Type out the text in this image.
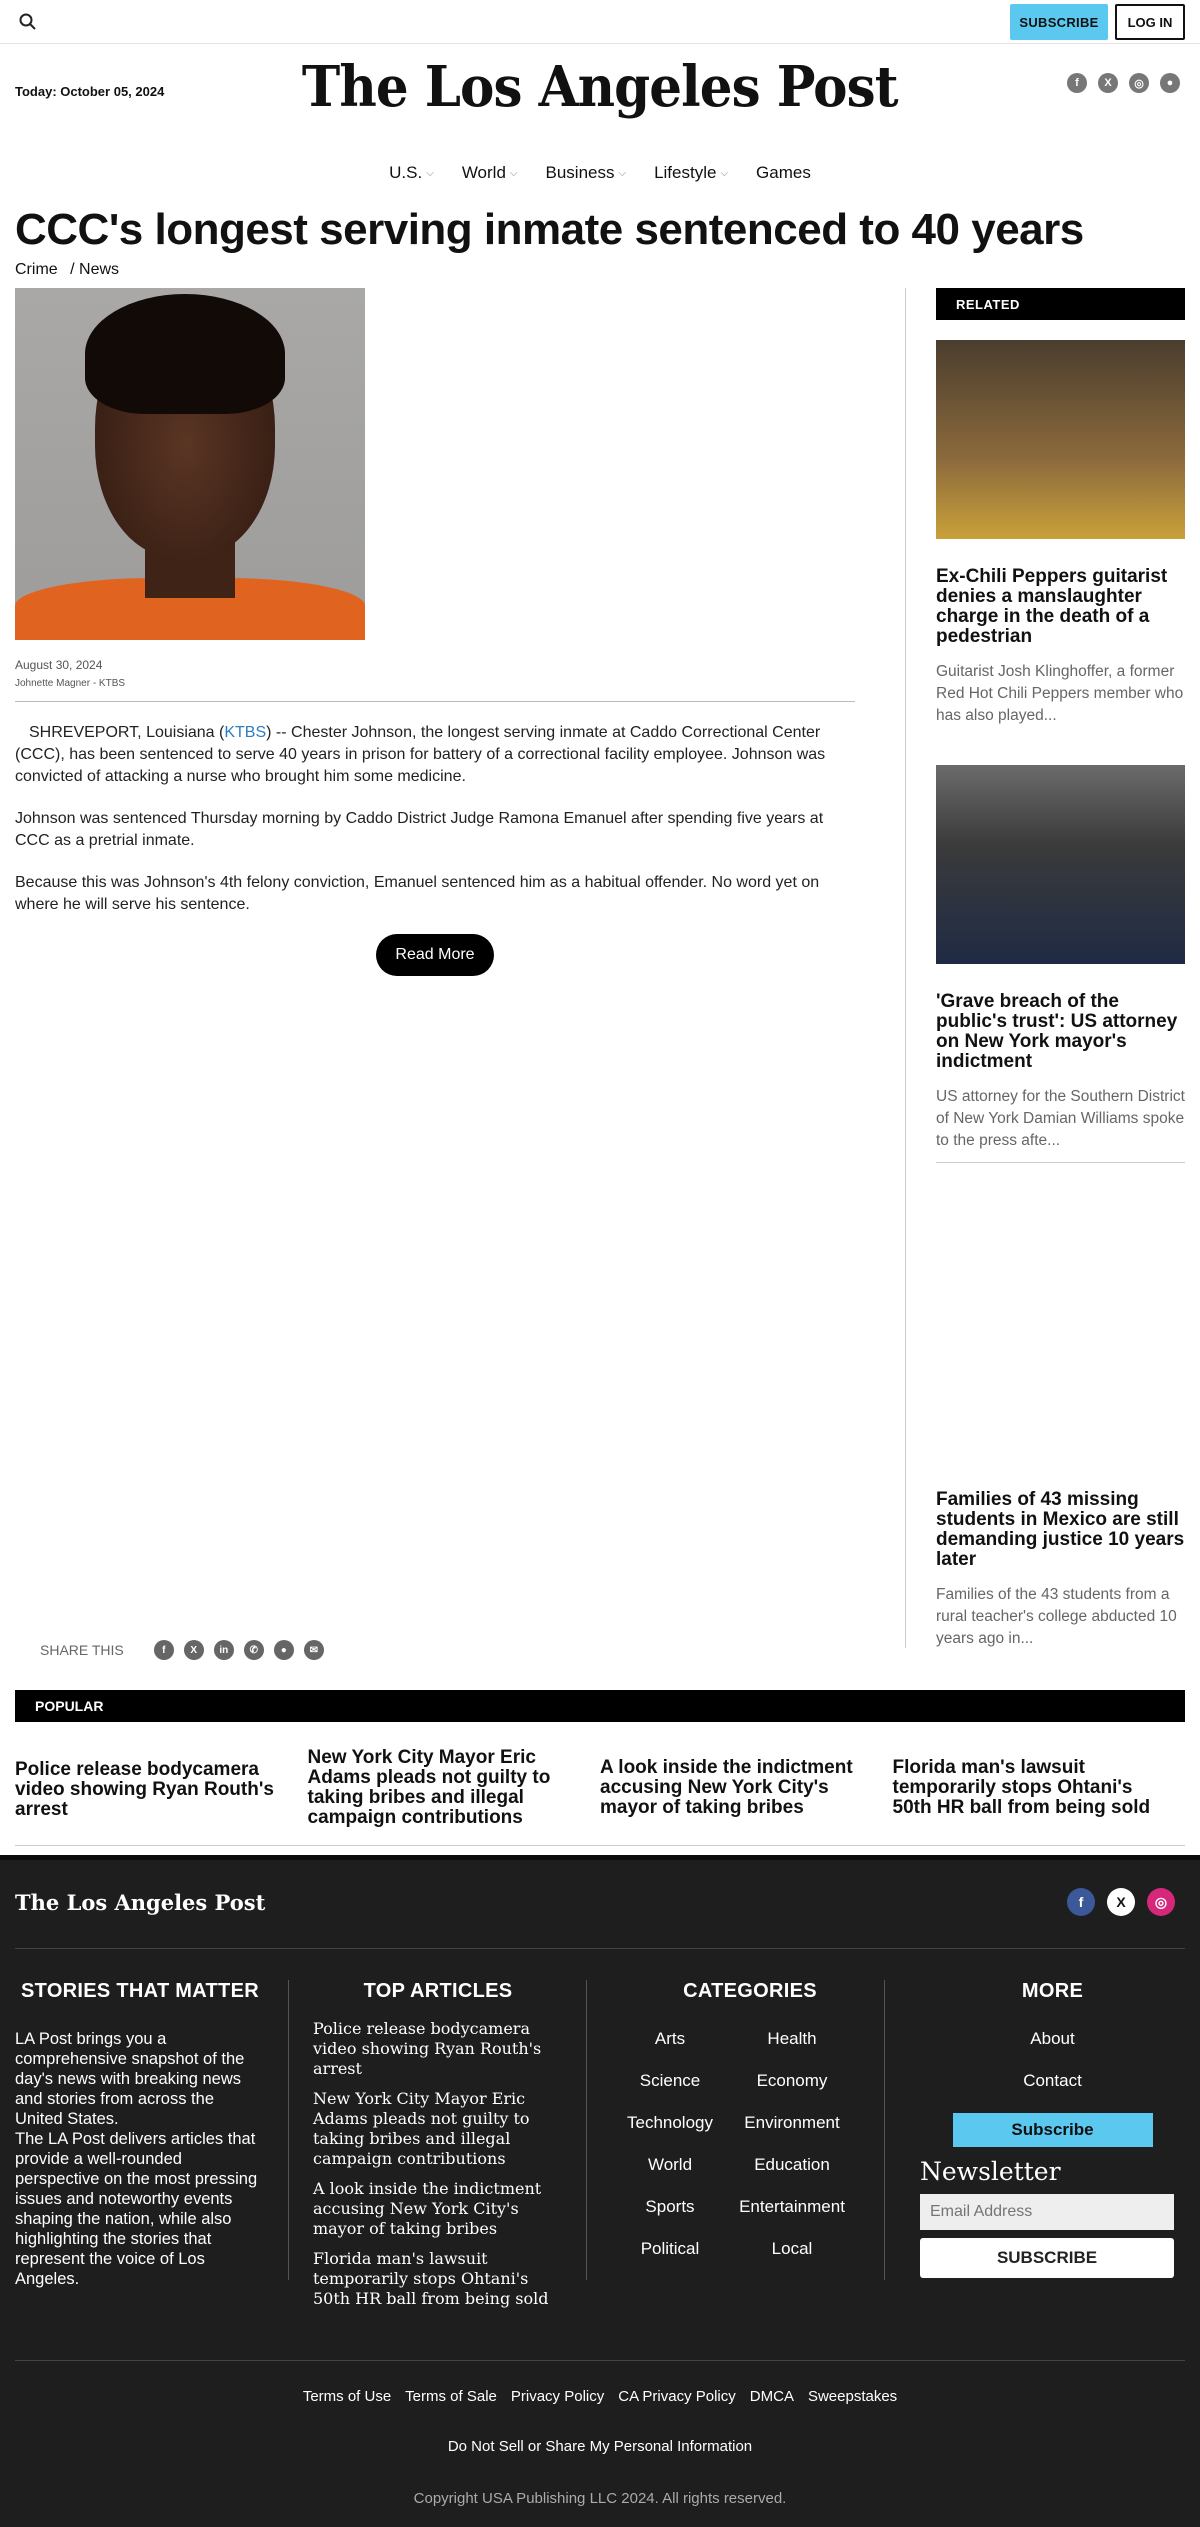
SUBSCRIBE	LOG IN
Today: October 05, 2024	The Los Angeles Post	f	X	◎	●
U.S. ⌵ World ⌵ Business ⌵ Lifestyle ⌵ Games
CCC's longest serving inmate sentenced to 40 years
Crime / News
August 30, 2024
Johnette Magner - KTBS

SHREVEPORT, Louisiana (KTBS) -- Chester Johnson, the longest serving inmate at Caddo Correctional Center (CCC), has been sentenced to serve 40 years in prison for battery of a correctional facility employee. Johnson was convicted of attacking a nurse who brought him some medicine.

Johnson was sentenced Thursday morning by Caddo District Judge Ramona Emanuel after spending five years at CCC as a pretrial inmate.

Because this was Johnson's 4th felony conviction, Emanuel sentenced him as a habitual offender. No word yet on where he will serve his sentence.

Read More
RELATED
Ex-Chili Peppers guitarist denies a manslaughter charge in the death of a pedestrian
Guitarist Josh Klinghoffer, a former Red Hot Chili Peppers member who has also played...
'Grave breach of the public's trust': US attorney on New York mayor's indictment
US attorney for the Southern District of New York Damian Williams spoke to the press afte...
Families of 43 missing students in Mexico are still demanding justice 10 years later
Families of the 43 students from a rural teacher's college abducted 10 years ago in...
SHARE THIS	f	X	in	✆	●	✉
POPULAR
Police release bodycamera video showing Ryan Routh's arrest
New York City Mayor Eric Adams pleads not guilty to taking bribes and illegal campaign contributions
A look inside the indictment accusing New York City's mayor of taking bribes
Florida man's lawsuit temporarily stops Ohtani's 50th HR ball from being sold
The Los Angeles Post	f	X	◎
STORIES THAT MATTER
LA Post brings you a comprehensive snapshot of the day's news with breaking news and stories from across the United States.
The LA Post delivers articles that provide a well-rounded perspective on the most pressing issues and noteworthy events shaping the nation, while also highlighting the stories that represent the voice of Los Angeles.
TOP ARTICLES
Police release bodycamera video showing Ryan Routh's arrest
New York City Mayor Eric Adams pleads not guilty to taking bribes and illegal campaign contributions
A look inside the indictment accusing New York City's mayor of taking bribes
Florida man's lawsuit temporarily stops Ohtani's 50th HR ball from being sold
CATEGORIES
Arts	Health
Science	Economy
Technology	Environment
World	Education
Sports	Entertainment
Political	Local
MORE
About
Contact
Subscribe
Newsletter
Email Address
SUBSCRIBE
Terms of Use Terms of Sale Privacy Policy CA Privacy Policy DMCA Sweepstakes
Do Not Sell or Share My Personal Information
Copyright USA Publishing LLC 2024. All rights reserved.
